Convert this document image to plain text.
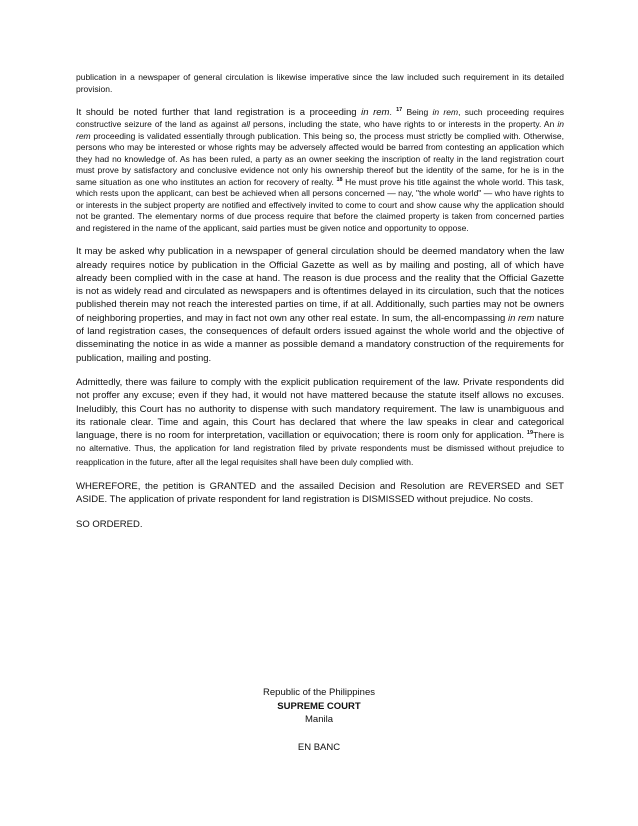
publication in a newspaper of general circulation is likewise imperative since the law included such requirement in its detailed provision.

It should be noted further that land registration is a proceeding in rem. $^{17}$ Being in rem, such proceeding requires constructive seizure of the land as against all persons, including the state, who have rights to or interests in the property. An in rem proceeding is validated essentially through publication. This being so, the process must strictly be complied with. Otherwise, persons who may be interested or whose rights may be adversely affected would be barred from contesting an application which they had no knowledge of. As has been ruled, a party as an owner seeking the inscription of realty in the land registration court must prove by satisfactory and conclusive evidence not only his ownership thereof but the identity of the same, for he is in the same situation as one who institutes an action for recovery of realty. $^{18}$ He must prove his title against the whole world. This task, which rests upon the applicant, can best be achieved when all persons concerned — nay, "the whole world" — who have rights to or interests in the subject property are notified and effectively invited to come to court and show cause why the application should not be granted. The elementary norms of due process require that before the claimed property is taken from concerned parties and registered in the name of the applicant, said parties must be given notice and opportunity to oppose.

It may be asked why publication in a newspaper of general circulation should be deemed mandatory when the law already requires notice by publication in the Official Gazette as well as by mailing and posting, all of which have already been complied with in the case at hand. The reason is due process and the reality that the Official Gazette is not as widely read and circulated as newspapers and is oftentimes delayed in its circulation, such that the notices published therein may not reach the interested parties on time, if at all. Additionally, such parties may not be owners of neighboring properties, and may in fact not own any other real estate. In sum, the all-encompassing in rem nature of land registration cases, the consequences of default orders issued against the whole world and the objective of disseminating the notice in as wide a manner as possible demand a mandatory construction of the requirements for publication, mailing and posting.

Admittedly, there was failure to comply with the explicit publication requirement of the law. Private respondents did not proffer any excuse; even if they had, it would not have mattered because the statute itself allows no excuses. Ineludibly, this Court has no authority to dispense with such mandatory requirement. The law is unambiguous and its rationale clear. Time and again, this Court has declared that where the law speaks in clear and categorical language, there is no room for interpretation, vacillation or equivocation; there is room only for application. $^{19}$There is no alternative. Thus, the application for land registration filed by private respondents must be dismissed without prejudice to reapplication in the future, after all the legal requisites shall have been duly complied with.

WHEREFORE, the petition is GRANTED and the assailed Decision and Resolution are REVERSED and SET ASIDE. The application of private respondent for land registration is DISMISSED without prejudice. No costs.

SO ORDERED.

Republic of the Philippines
SUPREME COURT
Manila
EN BANC
